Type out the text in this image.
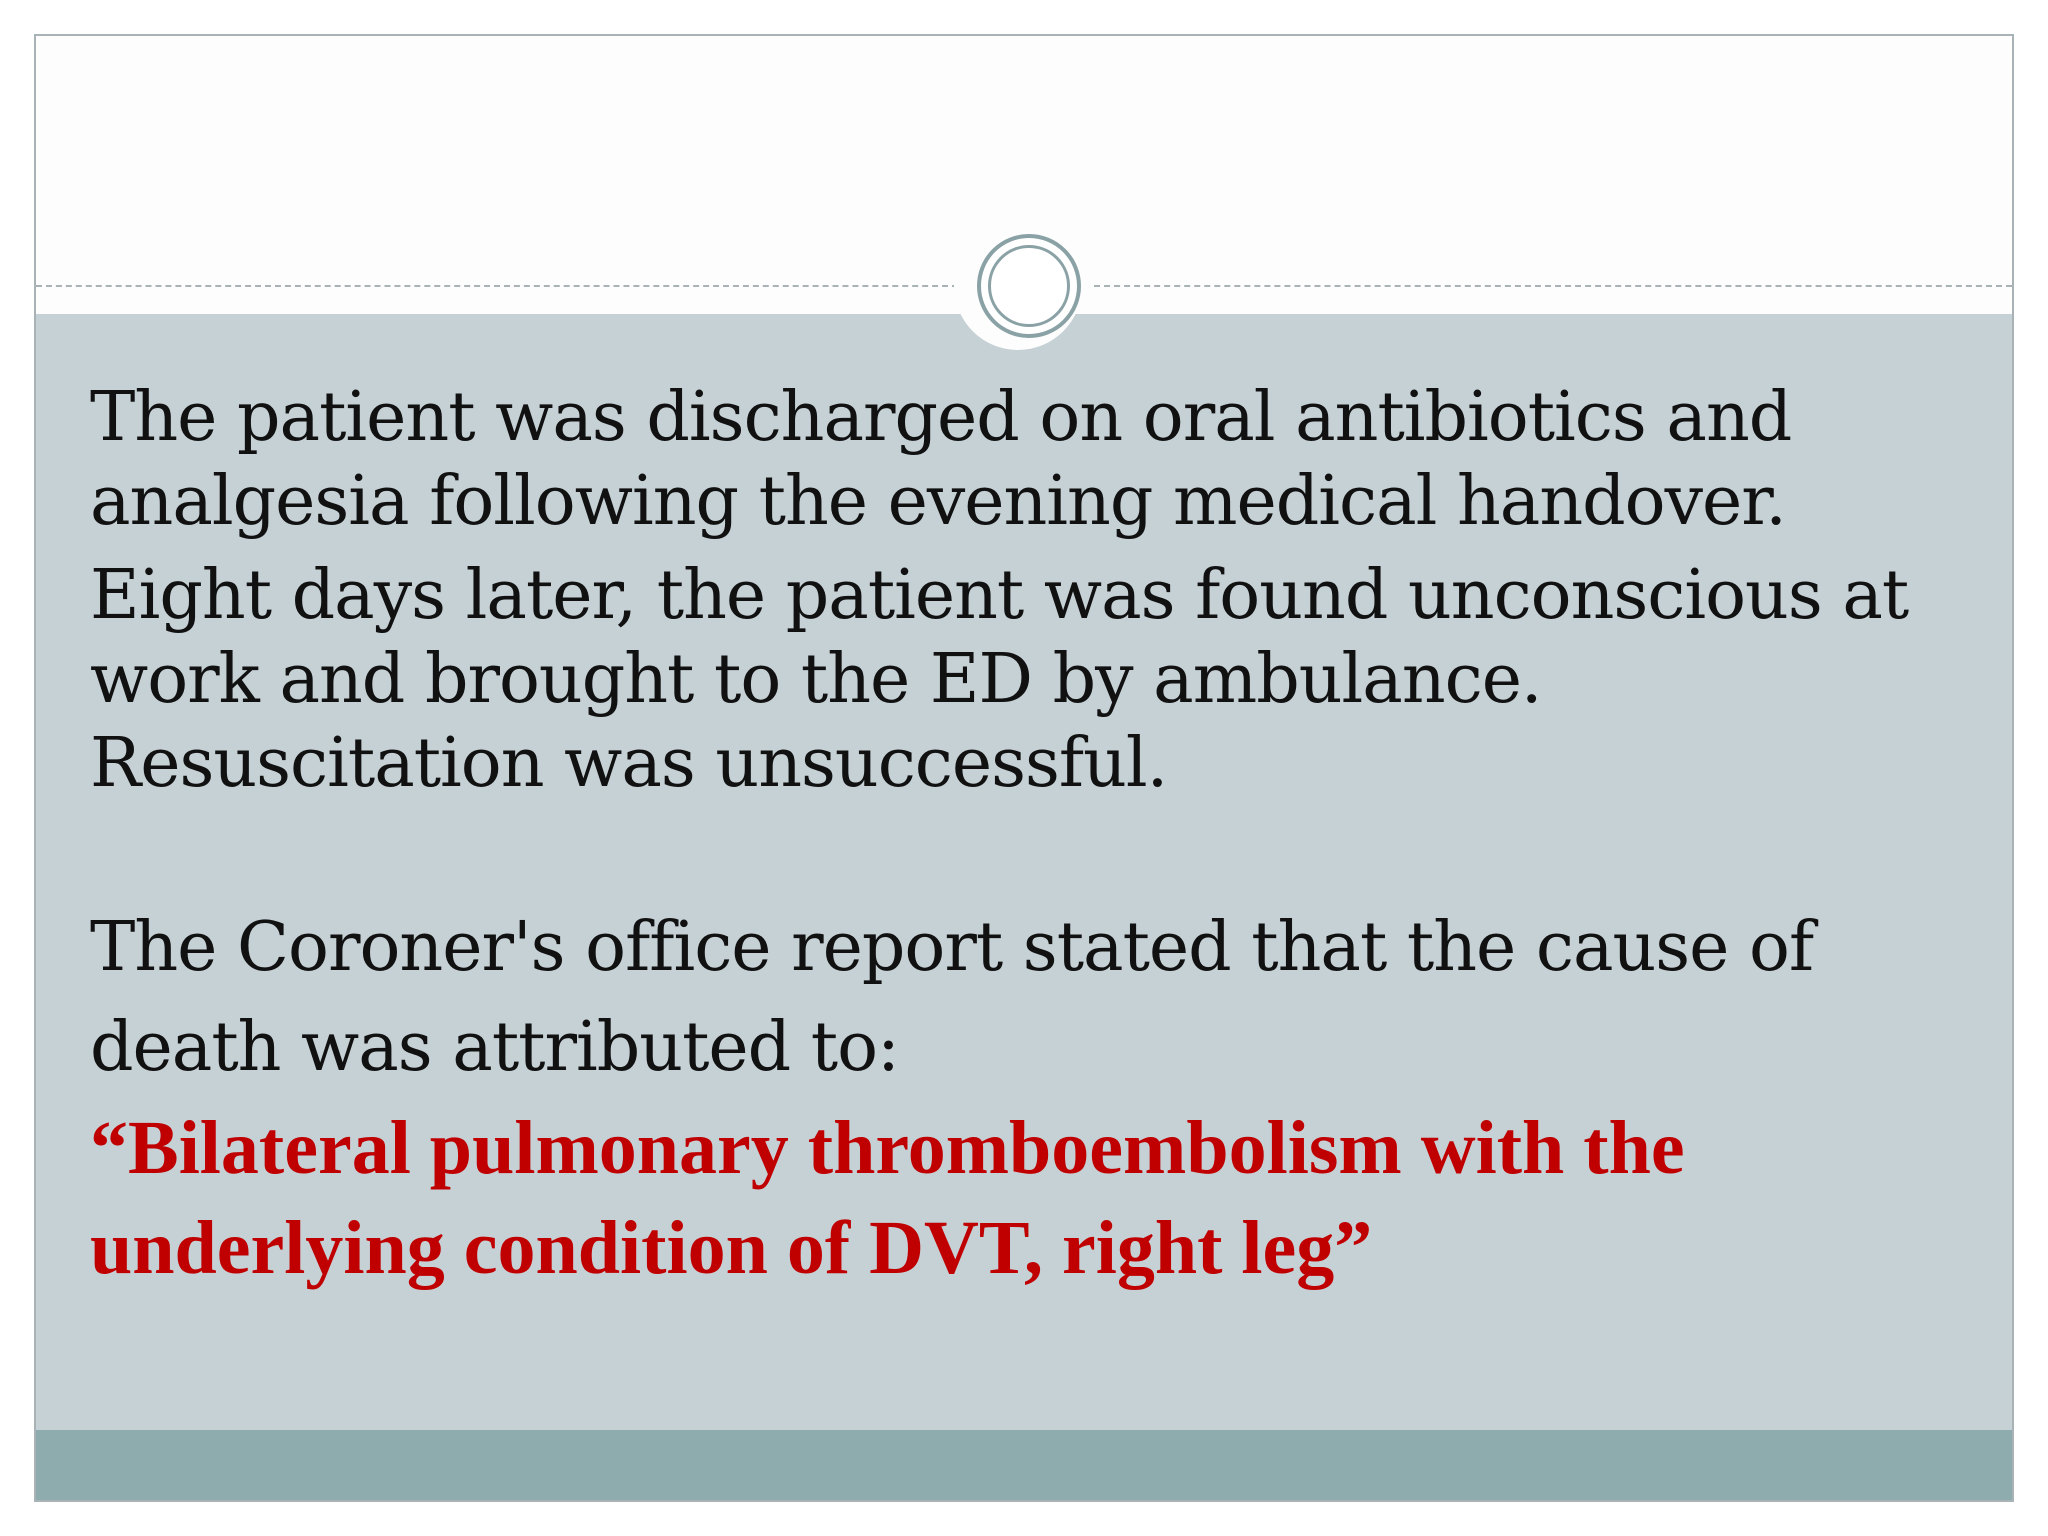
The patient was discharged on oral antibiotics and analgesia following the evening medical handover.

Eight days later, the patient was found unconscious at work and brought to the ED by ambulance. Resuscitation was unsuccessful.

The Coroner's office report stated that the cause of death was attributed to:

“Bilateral pulmonary thromboembolism with the underlying condition of DVT, right leg”
